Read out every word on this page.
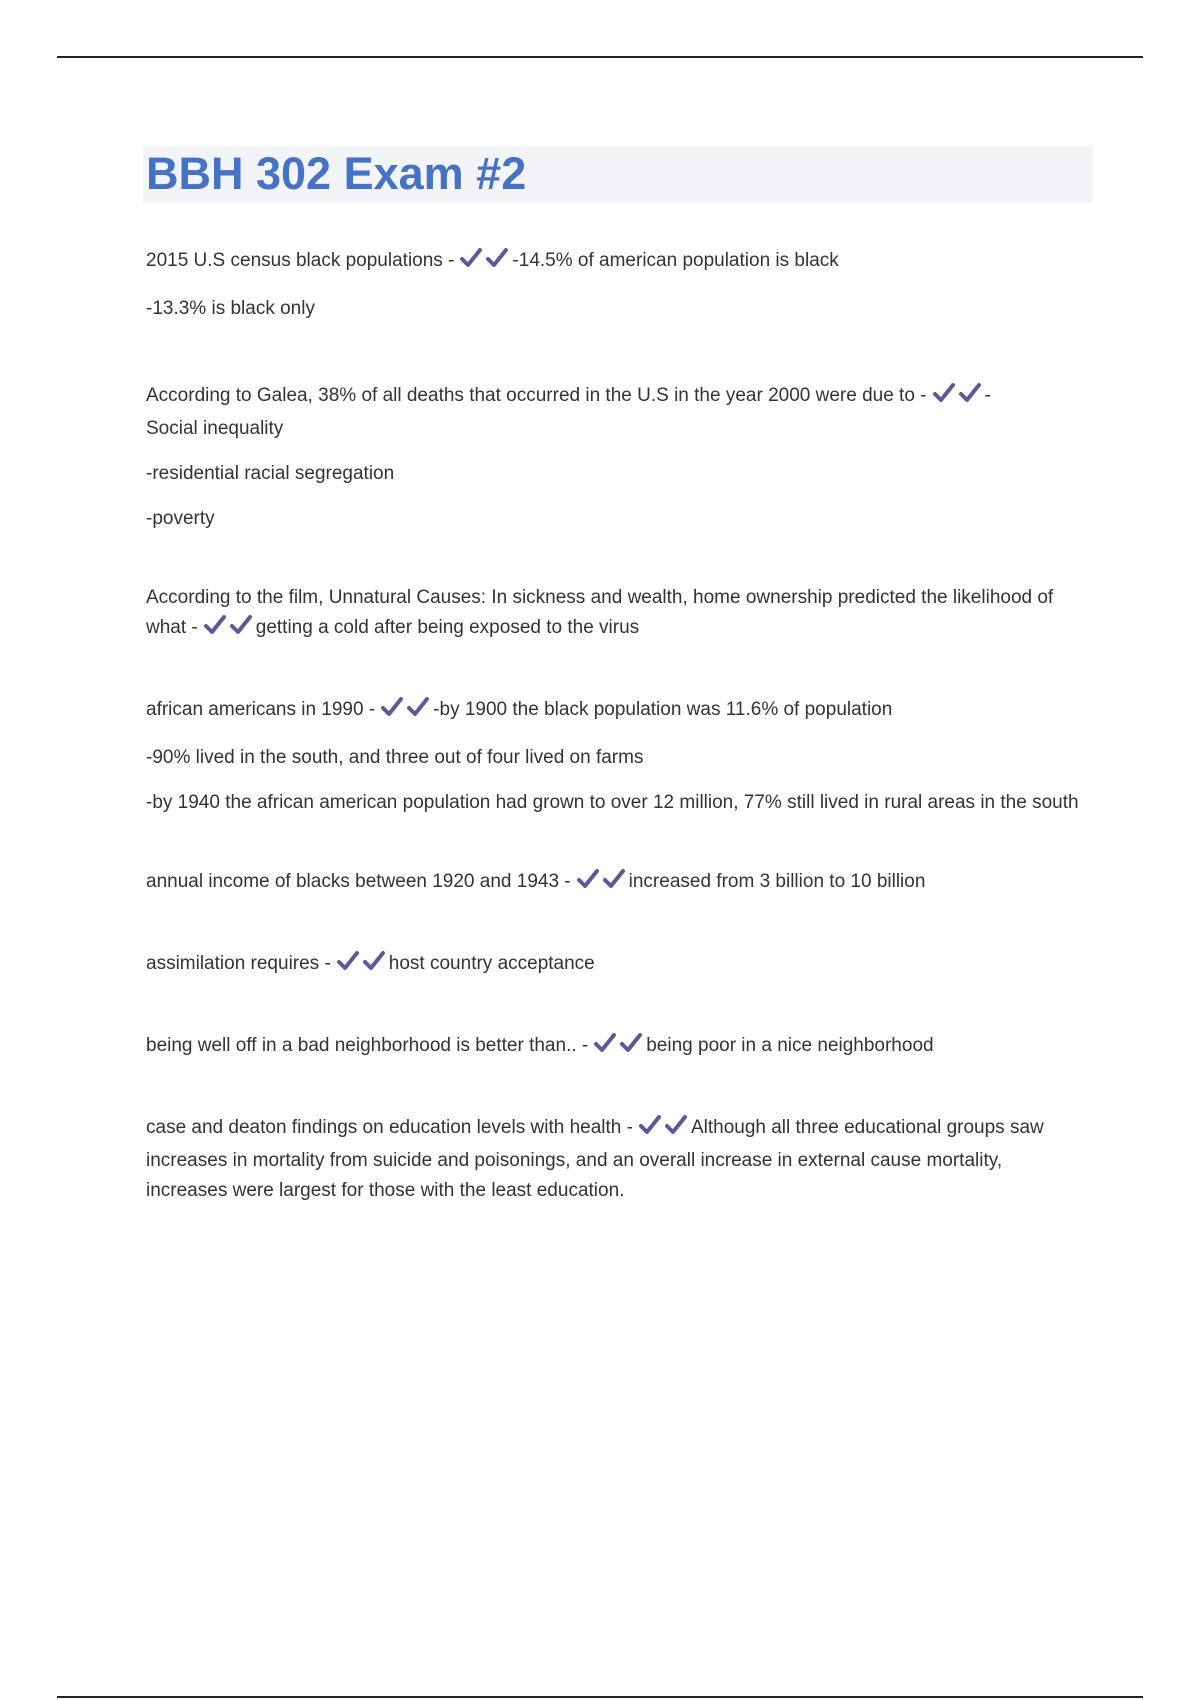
BBH 302 Exam #2
2015 U.S census black populations -	-14.5% of american population is black
-13.3% is black only
According to Galea, 38% of all deaths that occurred in the U.S in the year 2000 were due to -	-
Social inequality
-residential racial segregation
-poverty
According to the film, Unnatural Causes: In sickness and wealth, home ownership predicted the likelihood of what -	getting a cold after being exposed to the virus
african americans in 1990 -	-by 1900 the black population was 11.6% of population
-90% lived in the south, and three out of four lived on farms
-by 1940 the african american population had grown to over 12 million, 77% still lived in rural areas in the south
annual income of blacks between 1920 and 1943 -	increased from 3 billion to 10 billion
assimilation requires -	host country acceptance
being well off in a bad neighborhood is better than.. -	being poor in a nice neighborhood
case and deaton findings on education levels with health -	Although all three educational groups saw increases in mortality from suicide and poisonings, and an overall increase in external cause mortality, increases were largest for those with the least education.
